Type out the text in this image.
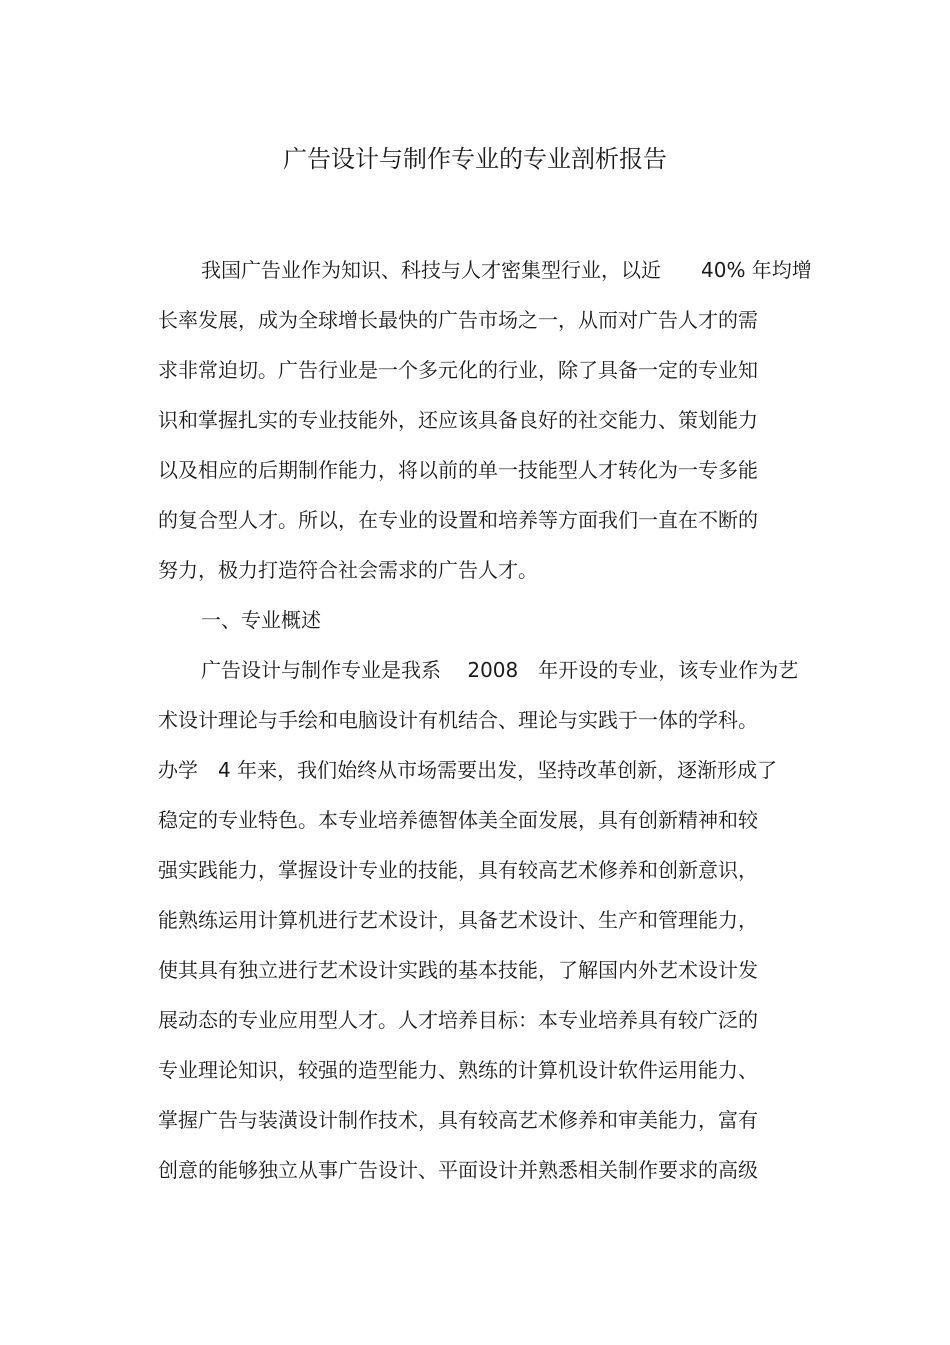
广告设计与制作专业的专业剖析报告
我国广告业作为知识、科技与人才密集型行业，以近　　40% 年均增
长率发展，成为全球增长最快的广告市场之一，从而对广告人才的需
求非常迫切。广告行业是一个多元化的行业，除了具备一定的专业知
识和掌握扎实的专业技能外，还应该具备良好的社交能力、策划能力
以及相应的后期制作能力，将以前的单一技能型人才转化为一专多能
的复合型人才。所以，在专业的设置和培养等方面我们一直在不断的
努力，极力打造符合社会需求的广告人才。
一、专业概述
广告设计与制作专业是我系　 2008　年开设的专业，该专业作为艺
术设计理论与手绘和电脑设计有机结合、理论与实践于一体的学科。
办学　4 年来，我们始终从市场需要出发，坚持改革创新，逐渐形成了
稳定的专业特色。本专业培养德智体美全面发展，具有创新精神和较
强实践能力，掌握设计专业的技能，具有较高艺术修养和创新意识，
能熟练运用计算机进行艺术设计，具备艺术设计、生产和管理能力，
使其具有独立进行艺术设计实践的基本技能，了解国内外艺术设计发
展动态的专业应用型人才。人才培养目标：本专业培养具有较广泛的
专业理论知识，较强的造型能力、熟练的计算机设计软件运用能力、
掌握广告与装潢设计制作技术，具有较高艺术修养和审美能力，富有
创意的能够独立从事广告设计、平面设计并熟悉相关制作要求的高级
